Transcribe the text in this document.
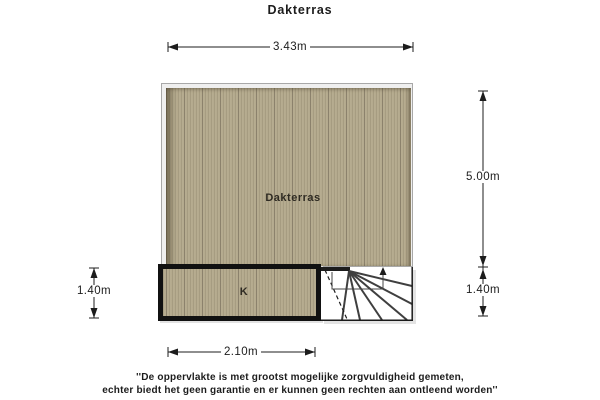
Dakterras
3.43m
5.00m
1.40m
1.40m
2.10m
Dakterras
K
''De oppervlakte is met grootst mogelijke zorgvuldigheid gemeten,
echter biedt het geen garantie en er kunnen geen rechten aan ontleend worden''
